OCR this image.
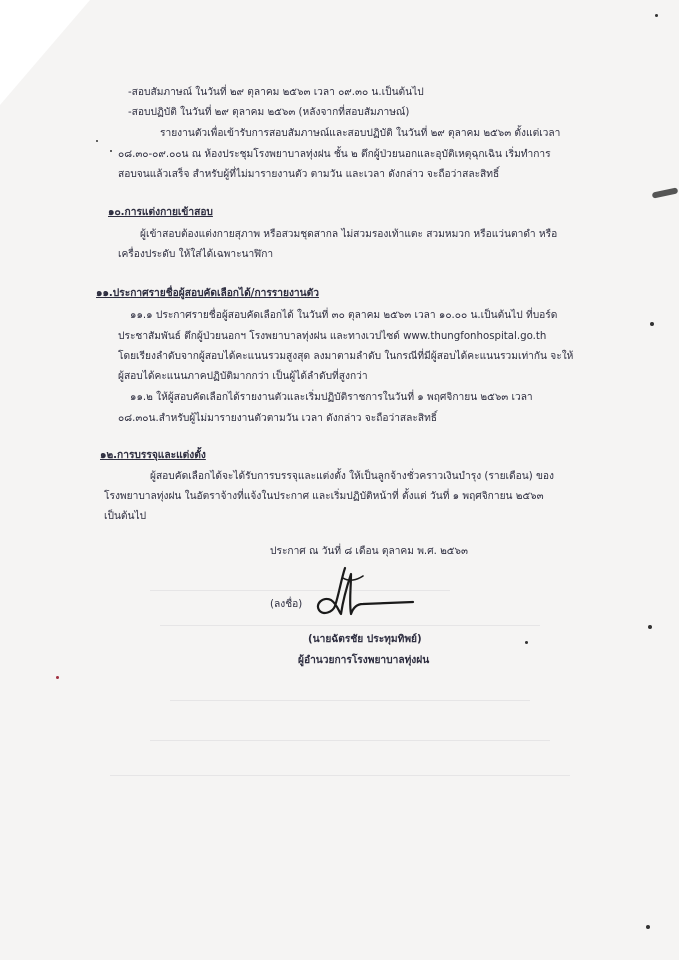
-สอบสัมภาษณ์ ในวันที่ ๒๙ ตุลาคม ๒๕๖๓ เวลา ๐๙.๓๐ น.เป็นต้นไป
-สอบปฏิบัติ ในวันที่ ๒๙ ตุลาคม ๒๕๖๓ (หลังจากที่สอบสัมภาษณ์)
รายงานตัวเพื่อเข้ารับการสอบสัมภาษณ์และสอบปฏิบัติ ในวันที่ ๒๙ ตุลาคม ๒๕๖๓ ตั้งแต่เวลา
๐๘.๓๐-๐๙.๐๐น ณ ห้องประชุมโรงพยาบาลทุ่งฝน ชั้น ๒ ตึกผู้ป่วยนอกและอุบัติเหตุฉุกเฉิน เริ่มทำการ
สอบจนแล้วเสร็จ สำหรับผู้ที่ไม่มารายงานตัว ตามวัน และเวลา ดังกล่าว จะถือว่าสละสิทธิ์
๑๐.การแต่งกายเข้าสอบ
ผู้เข้าสอบต้องแต่งกายสุภาพ หรือสวมชุดสากล ไม่สวมรองเท้าแตะ สวมหมวก หรือแว่นตาดำ หรือ
เครื่องประดับ ให้ใส่ได้เฉพาะนาฬิกา
๑๑.ประกาศรายชื่อผู้สอบคัดเลือกได้/การรายงานตัว
๑๑.๑ ประกาศรายชื่อผู้สอบคัดเลือกได้ ในวันที่ ๓๐ ตุลาคม ๒๕๖๓ เวลา ๑๐.๐๐ น.เป็นต้นไป ที่บอร์ด
ประชาสัมพันธ์ ตึกผู้ป่วยนอกฯ โรงพยาบาลทุ่งฝน และทางเวปไซด์ www.thungfonhospital.go.th
โดยเรียงลำดับจากผู้สอบได้คะแนนรวมสูงสุด ลงมาตามลำดับ ในกรณีที่มีผู้สอบได้คะแนนรวมเท่ากัน จะให้
ผู้สอบได้คะแนนภาคปฏิบัติมากกว่า เป็นผู้ได้ลำดับที่สูงกว่า
๑๑.๒ ให้ผู้สอบคัดเลือกได้รายงานตัวและเริ่มปฏิบัติราชการในวันที่ ๑ พฤศจิกายน ๒๕๖๓ เวลา
๐๘.๓๐น.สำหรับผู้ไม่มารายงานตัวตามวัน เวลา ดังกล่าว จะถือว่าสละสิทธิ์
๑๒.การบรรจุและแต่งตั้ง
ผู้สอบคัดเลือกได้จะได้รับการบรรจุและแต่งตั้ง ให้เป็นลูกจ้างชั่วคราวเงินบำรุง (รายเดือน) ของ
โรงพยาบาลทุ่งฝน ในอัตราจ้างที่แจ้งในประกาศ และเริ่มปฏิบัติหน้าที่ ตั้งแต่ วันที่ ๑ พฤศจิกายน ๒๕๖๓
เป็นต้นไป
ประกาศ ณ วันที่ ๘ เดือน ตุลาคม พ.ศ. ๒๕๖๓
(ลงชื่อ)
(นายฉัตรชัย ประทุมทิพย์)
ผู้อำนวยการโรงพยาบาลทุ่งฝน
